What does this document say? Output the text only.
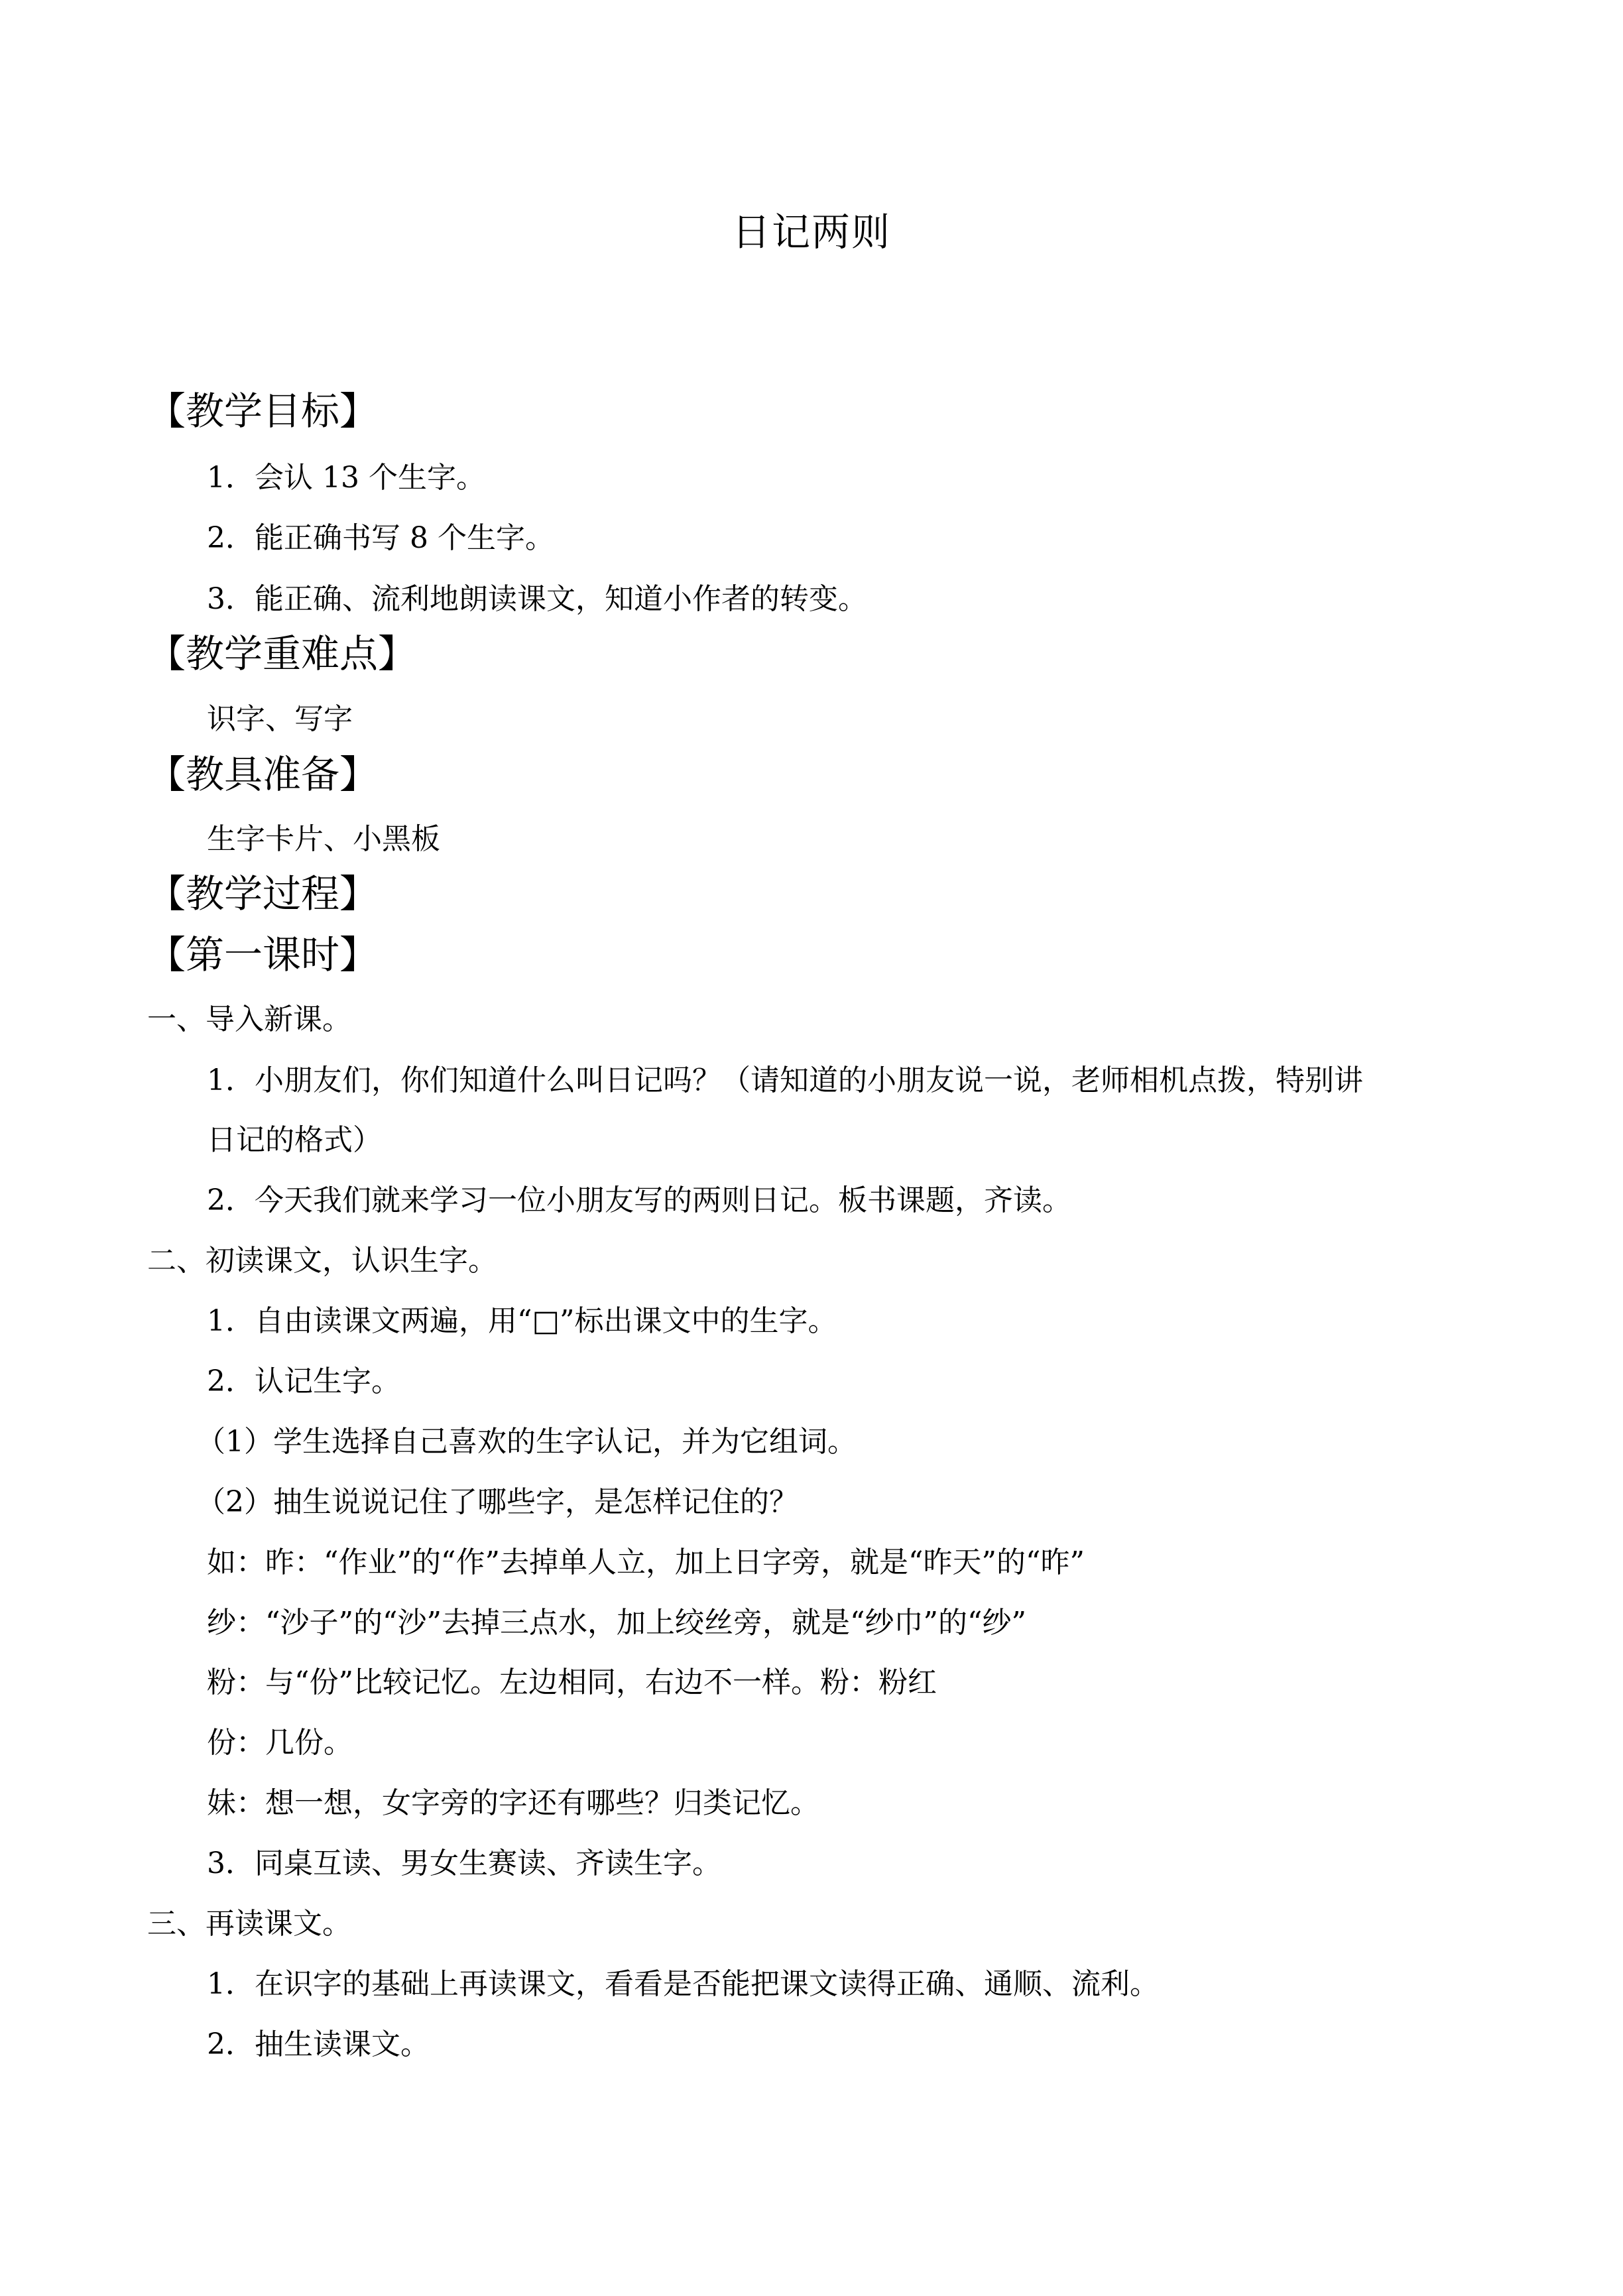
日记两则
【教学目标】
1．会认 13 个生字。
2．能正确书写 8 个生字。
3．能正确、流利地朗读课文，知道小作者的转变。
【教学重难点】
识字、写字
【教具准备】
生字卡片、小黑板
【教学过程】
【第一课时】
一、导入新课。
1．小朋友们，你们知道什么叫日记吗？（请知道的小朋友说一说，老师相机点拨，特别讲
日记的格式）
2．今天我们就来学习一位小朋友写的两则日记。板书课题，齐读。
二、初读课文，认识生字。
1．自由读课文两遍，用“□”标出课文中的生字。
2．认记生字。
（1）学生选择自己喜欢的生字认记，并为它组词。
（2）抽生说说记住了哪些字，是怎样记住的？
如：昨：“作业”的“作”去掉单人立，加上日字旁，就是“昨天”的“昨”
纱：“沙子”的“沙”去掉三点水，加上绞丝旁，就是“纱巾”的“纱”
粉：与“份”比较记忆。左边相同，右边不一样。粉：粉红
份：几份。
妹：想一想，女字旁的字还有哪些？归类记忆。
3．同桌互读、男女生赛读、齐读生字。
三、再读课文。
1．在识字的基础上再读课文，看看是否能把课文读得正确、通顺、流利。
2．抽生读课文。
